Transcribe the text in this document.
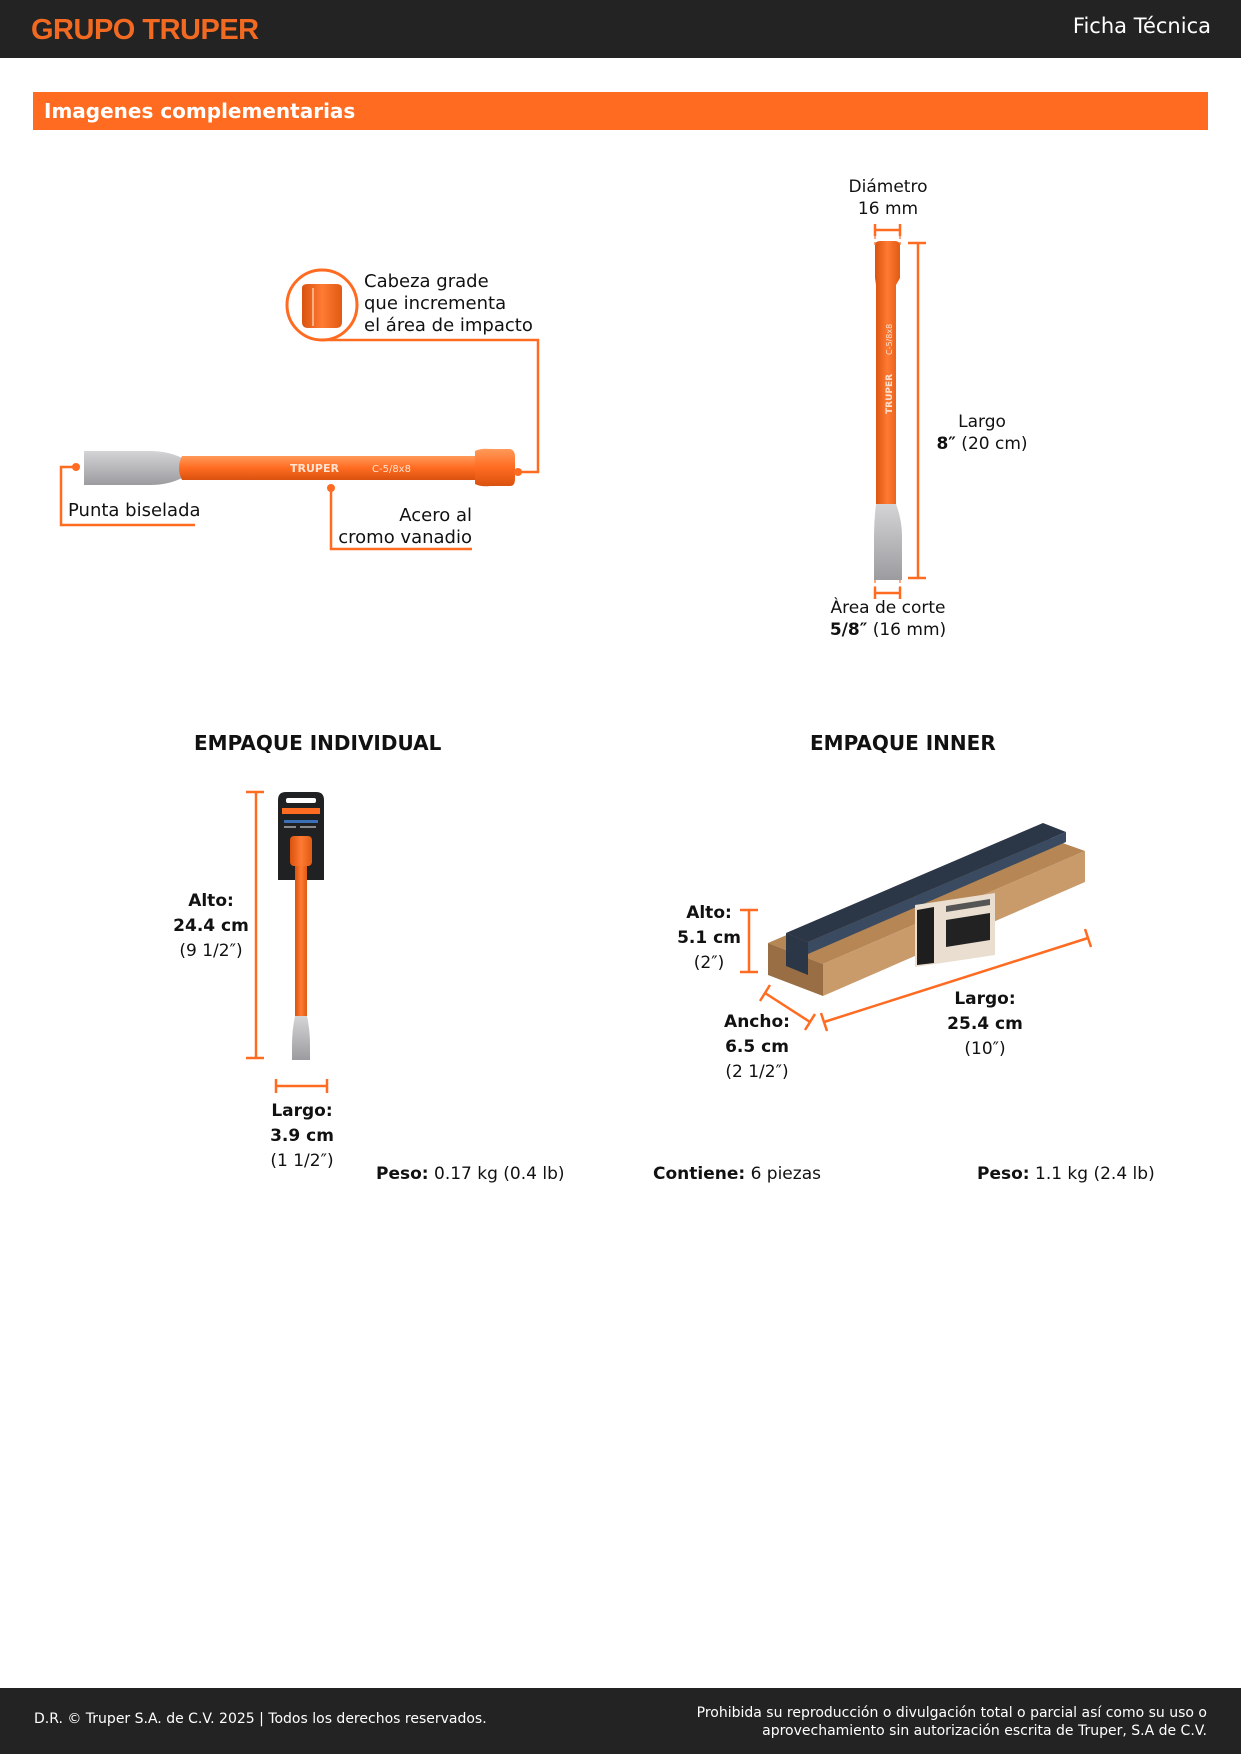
GRUPO TRUPER	Ficha Técnica
Imagenes complementarias
TRUPER	C-5/8x8
TRUPER
C-5/8x8
Cabeza grade
que incrementa
el área de impacto
Punta biselada	Acero al
cromo vanadio
Diámetro
16 mm
Largo
8″ (20 cm)
Àrea de corte
5/8″ (16 mm)
EMPAQUE INDIVIDUAL
Alto:
24.4 cm
(9 1/2″)
Largo:
3.9 cm
(1 1/2″)
Peso: 0.17 kg (0.4 lb)
EMPAQUE INNER
Alto:
5.1 cm
(2″)
Ancho:
6.5 cm
(2 1/2″)
Largo:
25.4 cm
(10″)
Contiene: 6 piezas	Peso: 1.1 kg (2.4 lb)
D.R. © Truper S.A. de C.V. 2025 | Todos los derechos reservados.	Prohibida su reproducción o divulgación total o parcial así como su uso o
aprovechamiento sin autorización escrita de Truper, S.A de C.V.
